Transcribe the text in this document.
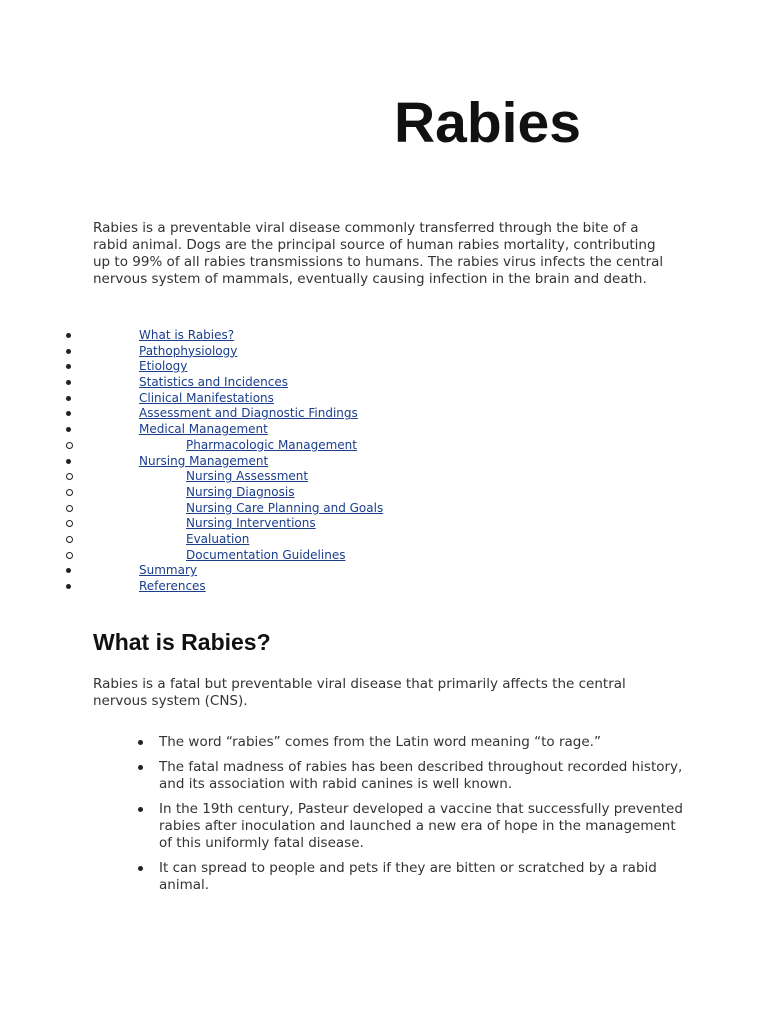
Rabies
Rabies is a preventable viral disease commonly transferred through the bite of a rabid animal. Dogs are the principal source of human rabies mortality, contributing up to 99% of all rabies transmissions to humans. The rabies virus infects the central nervous system of mammals, eventually causing infection in the brain and death.
What is Rabies?
Pathophysiology
Etiology
Statistics and Incidences
Clinical Manifestations
Assessment and Diagnostic Findings
Medical Management
Pharmacologic Management
Nursing Management
Nursing Assessment
Nursing Diagnosis
Nursing Care Planning and Goals
Nursing Interventions
Evaluation
Documentation Guidelines
Summary
References
What is Rabies?
Rabies is a fatal but preventable viral disease that primarily affects the central nervous system (CNS).
The word “rabies” comes from the Latin word meaning “to rage.”
The fatal madness of rabies has been described throughout recorded history, and its association with rabid canines is well known.
In the 19th century, Pasteur developed a vaccine that successfully prevented rabies after inoculation and launched a new era of hope in the management of this uniformly fatal disease.
It can spread to people and pets if they are bitten or scratched by a rabid animal.
